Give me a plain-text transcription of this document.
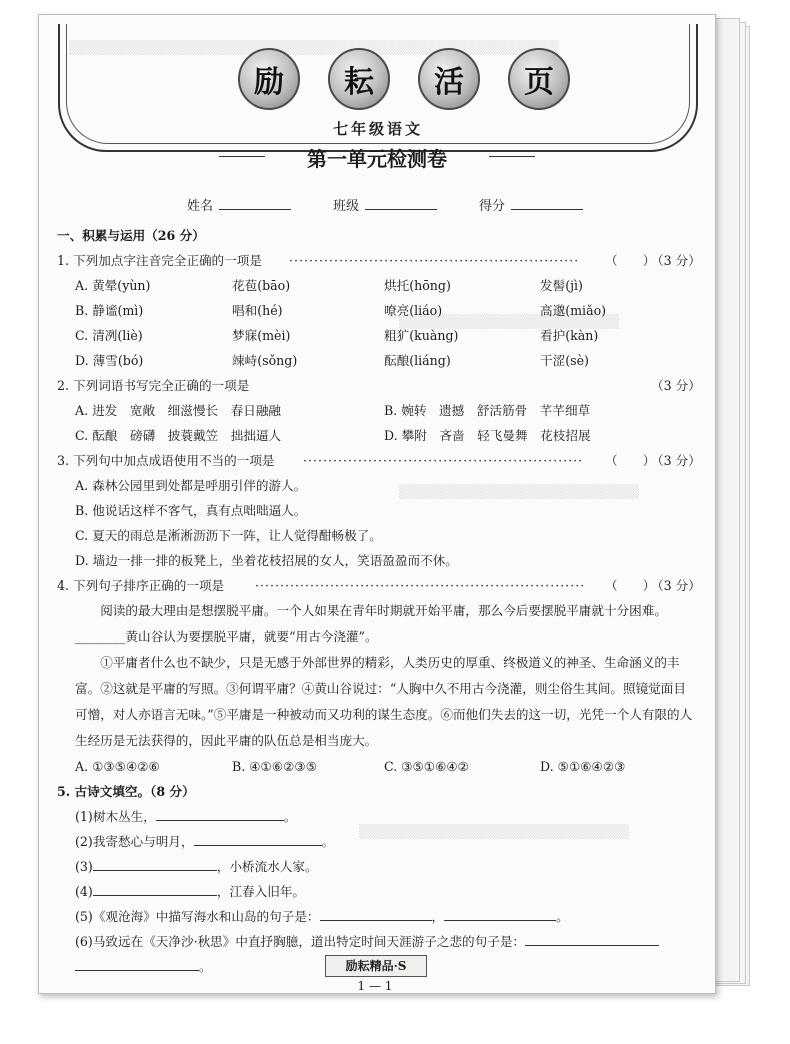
▒▒▒▒▒▒▒▒▒▒▒▒▒▒▒▒▒▒▒▒▒▒▒▒▒▒▒▒▒▒▒▒▒▒▒▒▒▒▒▒▒▒▒▒▒▒▒▒▒
▒▒▒▒▒▒▒▒▒▒▒▒▒▒▒▒▒▒▒▒▒▒
▒▒▒▒▒▒▒▒▒▒▒▒▒▒▒▒▒▒▒▒▒▒▒▒
▒▒▒▒▒▒▒▒▒▒▒▒▒▒▒▒▒▒▒▒▒▒▒▒▒▒▒
励	耘	活	页
七年级语文
第一单元检测卷
姓名	班级	得分
一、积累与运用（26 分）
1. 下列加点字注音完全正确的一项是 ··························································	（　　）
（3 分）
A. 黄晕(yùn)	花苞(bāo)	烘托(hōng)	发髻(jì)
B. 静谧(mì)	唱和(hé)	嘹亮(liáo)	高邈(miǎo)
C. 清冽(liè)	梦寐(mèi)	粗犷(kuàng)	看护(kàn)
D. 薄雪(bó)	竦峙(sǒng)	酝酿(liáng)	干涩(sè)
2. 下列词语书写完全正确的一项是	（3 分）
A. 进发　宽敞　细滋慢长　春日融融	B. 婉转　遗撼　舒活筋骨　芊芊细草
C. 酝酿　磅礴　披蓑戴笠　拙拙逼人	D. 攀附　吝啬　轻飞曼舞　花枝招展
3. 下列句中加点成语使用不当的一项是 ························································	（　　）
（3 分）
A. 森林公园里到处都是呼朋引伴的游人。
B. 他说话这样不客气，真有点咄咄逼人。
C. 夏天的雨总是淅淅沥沥下一阵，让人觉得酣畅极了。
D. 墙边一排一排的板凳上，坐着花枝招展的女人，笑语盈盈而不休。
4. 下列句子排序正确的一项是 ··································································	（　　）
（3 分）
阅读的最大理由是想摆脱平庸。一个人如果在青年时期就开始平庸，那么今后要摆脱平庸就十分困难。________黄山谷认为要摆脱平庸，就要“用古今浇灌”。
①平庸者什么也不缺少，只是无感于外部世界的精彩，人类历史的厚重、终极道义的神圣、生命涵义的丰富。②这就是平庸的写照。③何谓平庸？④黄山谷说过：“人胸中久不用古今浇灌，则尘俗生其间。照镜觉面目可憎，对人亦语言无味。”⑤平庸是一种被动而又功利的谋生态度。⑥而他们失去的这一切，光凭一个人有限的人生经历是无法获得的，因此平庸的队伍总是相当庞大。
A. ①③⑤④②⑥	B. ④①⑥②③⑤	C. ③⑤①⑥④②	D. ⑤①⑥④②③
5. 古诗文填空。（8 分）
(1)树木丛生，	。
(2)我寄愁心与明月，	。
(3)	，小桥流水人家。
(4)	，江春入旧年。
(5)《观沧海》中描写海水和山岛的句子是：	，	。
(6)马致远在《天净沙·秋思》中直抒胸臆，道出特定时间天涯游子之悲的句子是：
。	励耘精品·S
1 — 1
